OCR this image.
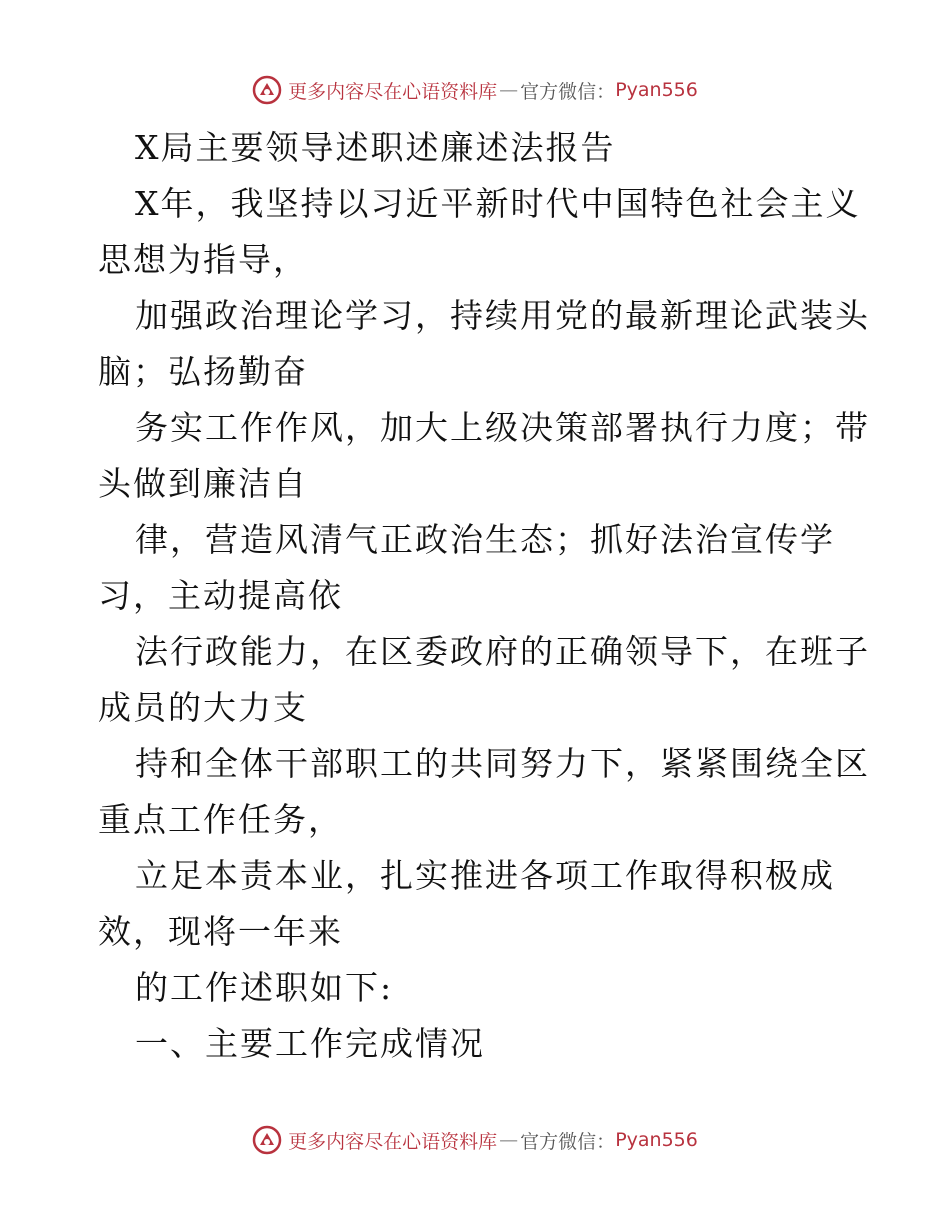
更多内容尽在心语资料库 — 官方微信： Pyan556

X局主要领导述职述廉述法报告

X年，我坚持以习近平新时代中国特色社会主义

思想为指导，

加强政治理论学习，持续用党的最新理论武装头

脑；弘扬勤奋

务实工作作风，加大上级决策部署执行力度；带

头做到廉洁自

律，营造风清气正政治生态；抓好法治宣传学

习，主动提高依

法行政能力，在区委政府的正确领导下，在班子

成员的大力支

持和全体干部职工的共同努力下，紧紧围绕全区

重点工作任务，

立足本责本业，扎实推进各项工作取得积极成

效，现将一年来

的工作述职如下:

一、主要工作完成情况

更多内容尽在心语资料库 — 官方微信： Pyan556
